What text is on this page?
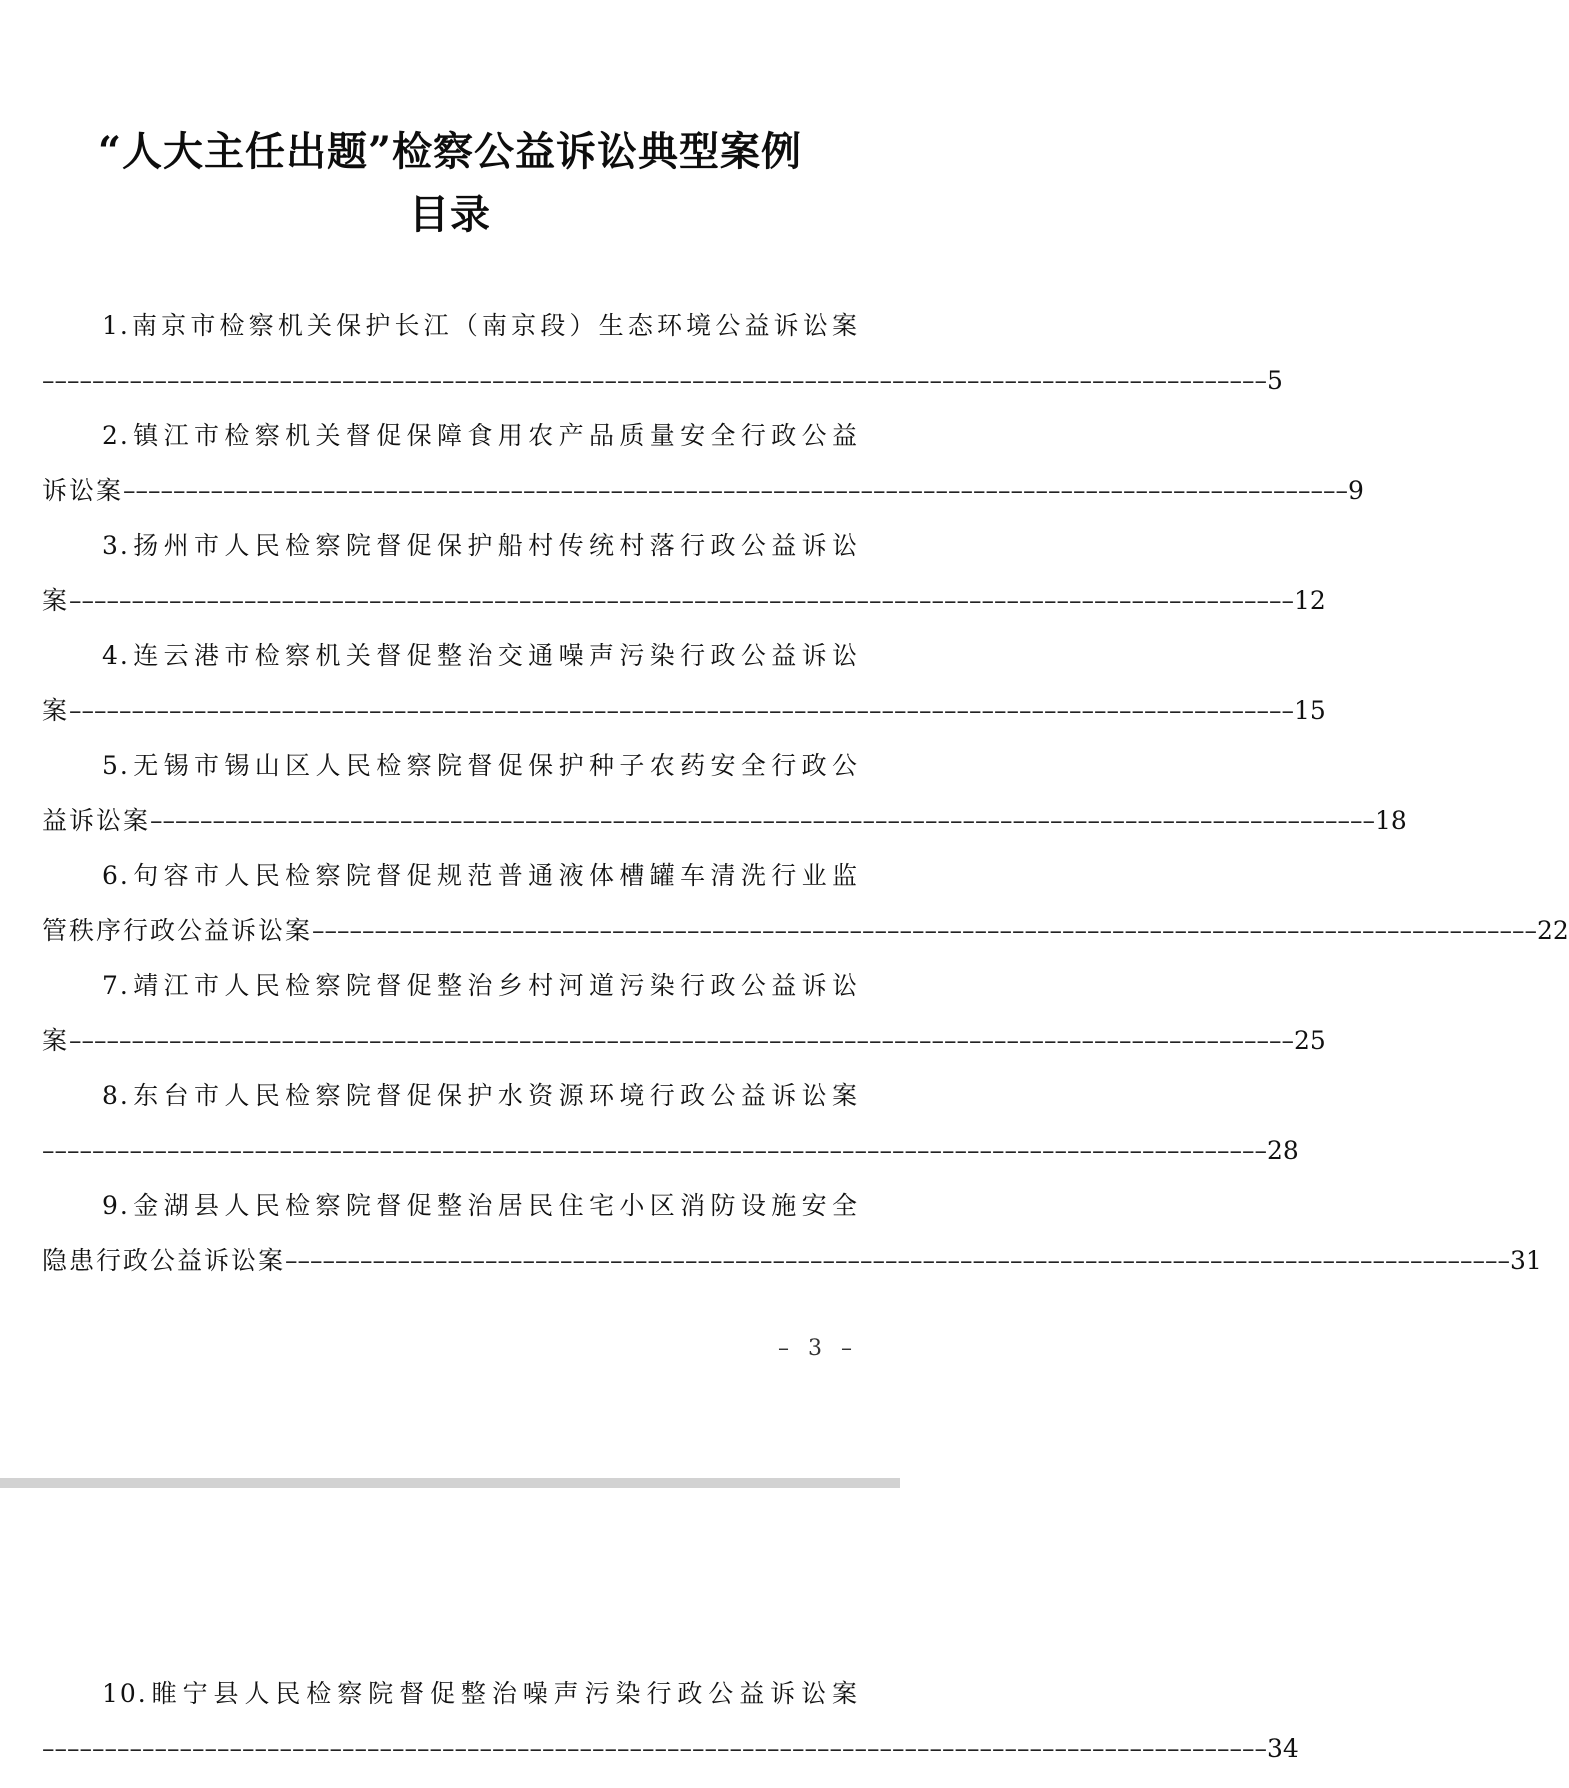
“人大主任出题”检察公益诉讼典型案例
目录
1.南京市检察机关保护长江（南京段）生态环境公益诉讼案
–––––––––––––––––––––––––––––––––––––––––––––––––––––––––––––––––––––––––––––––––––––––––––––––––– 5
2.镇江市检察机关督促保障食用农产品质量安全行政公益
诉讼案 –––––––––––––––––––––––––––––––––––––––––––––––––––––––––––––––––––––––––––––––––––––––––––––––––– 9
3.扬州市人民检察院督促保护船村传统村落行政公益诉讼
案 –––––––––––––––––––––––––––––––––––––––––––––––––––––––––––––––––––––––––––––––––––––––––––––––––– 12
4.连云港市检察机关督促整治交通噪声污染行政公益诉讼
案 –––––––––––––––––––––––––––––––––––––––––––––––––––––––––––––––––––––––––––––––––––––––––––––––––– 15
5.无锡市锡山区人民检察院督促保护种子农药安全行政公
益诉讼案 –––––––––––––––––––––––––––––––––––––––––––––––––––––––––––––––––––––––––––––––––––––––––––––––––– 18
6.句容市人民检察院督促规范普通液体槽罐车清洗行业监
管秩序行政公益诉讼案 –––––––––––––––––––––––––––––––––––––––––––––––––––––––––––––––––––––––––––––––––––––––––––––––––– 22
7.靖江市人民检察院督促整治乡村河道污染行政公益诉讼
案 –––––––––––––––––––––––––––––––––––––––––––––––––––––––––––––––––––––––––––––––––––––––––––––––––– 25
8.东台市人民检察院督促保护水资源环境行政公益诉讼案
–––––––––––––––––––––––––––––––––––––––––––––––––––––––––––––––––––––––––––––––––––––––––––––––––– 28
9.金湖县人民检察院督促整治居民住宅小区消防设施安全
隐患行政公益诉讼案 –––––––––––––––––––––––––––––––––––––––––––––––––––––––––––––––––––––––––––––––––––––––––––––––––– 31
– 3 –
10.睢宁县人民检察院督促整治噪声污染行政公益诉讼案
–––––––––––––––––––––––––––––––––––––––––––––––––––––––––––––––––––––––––––––––––––––––––––––––––– 34
